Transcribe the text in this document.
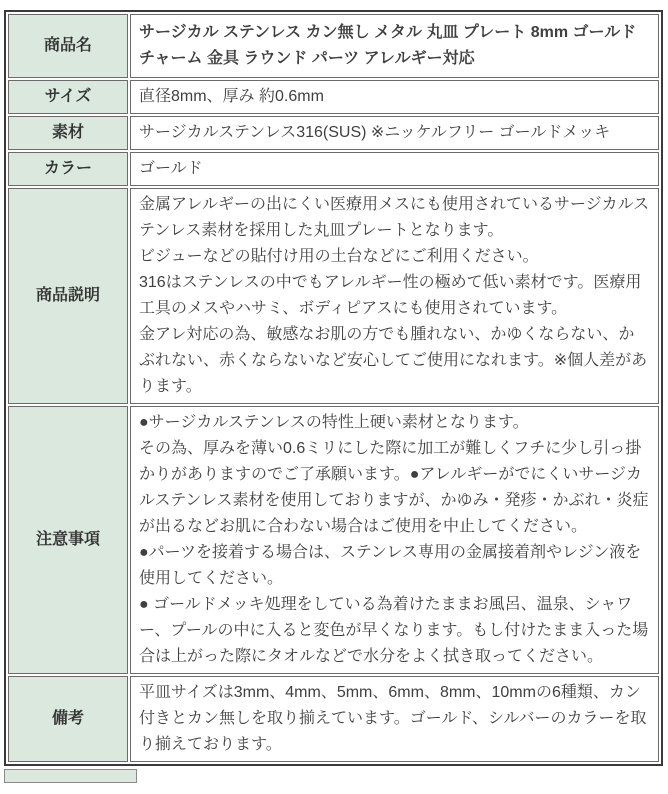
商品名	サージカル ステンレス カン無し メタル 丸皿 プレート 8mm ゴールド チャーム 金具 ラウンド パーツ アレルギー対応

サイズ	直径8mm、厚み 約0.6mm

素材	サージカルステンレス316(SUS) ※ニッケルフリー ゴールドメッキ

カラー	ゴールド

商品説明	金属アレルギーの出にくい医療用メスにも使用されているサージカルステンレス素材を採用した丸皿プレートとなります。

ビジューなどの貼付け用の土台などにご利用ください。

316はステンレスの中でもアレルギー性の極めて低い素材です。医療用工具のメスやハサミ、ボディピアスにも使用されています。

金アレ対応の為、敏感なお肌の方でも腫れない、かゆくならない、かぶれない、赤くならないなど安心してご使用になれます。※個人差があります。

注意事項	●サージカルステンレスの特性上硬い素材となります。

その為、厚みを薄い0.6ミリにした際に加工が難しくフチに少し引っ掛かりがありますのでご了承願います。●アレルギーがでにくいサージカルステンレス素材を使用しておりますが、かゆみ・発疹・かぶれ・炎症が出るなどお肌に合わない場合はご使用を中止してください。

●パーツを接着する場合は、ステンレス専用の金属接着剤やレジン液を使用してください。

● ゴールドメッキ処理をしている為着けたままお風呂、温泉、シャワー、プールの中に入ると変色が早くなります。もし付けたまま入った場合は上がった際にタオルなどで水分をよく拭き取ってください。

備考	平皿サイズは3mm、4mm、5mm、6mm、8mm、10mmの6種類、カン付きとカン無しを取り揃えています。ゴールド、シルバーのカラーを取り揃えております。
